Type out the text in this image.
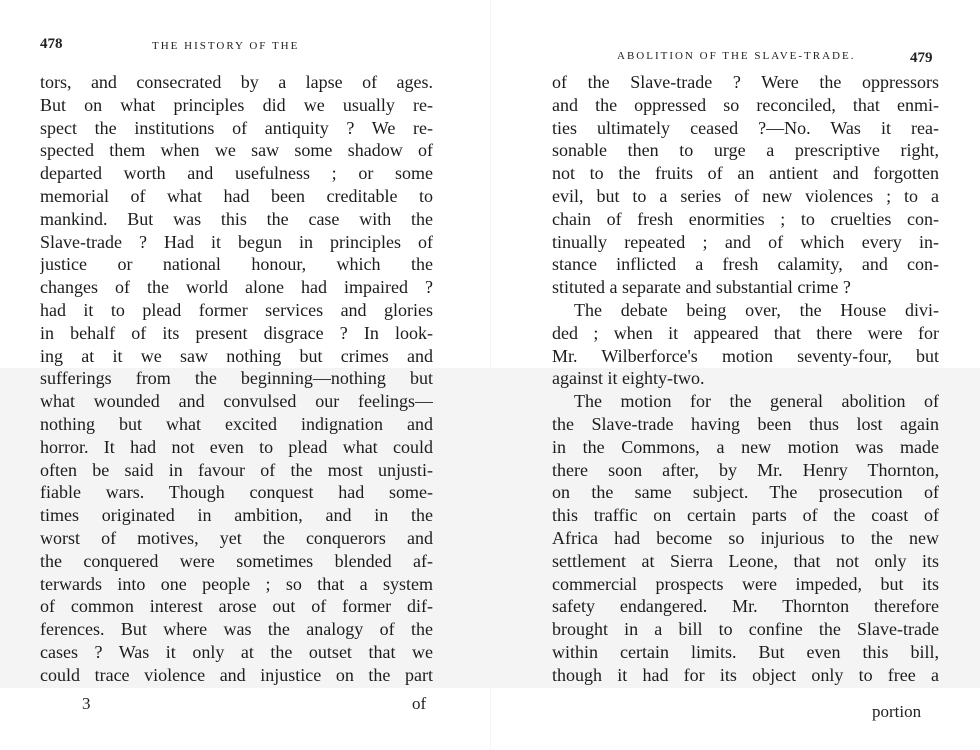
478	THE HISTORY OF THE
tors, and consecrated by a lapse of ages.
But on what principles did we usually re-
spect the institutions of antiquity ? We re-
spected them when we saw some shadow of
departed worth and usefulness ; or some
memorial of what had been creditable to
mankind. But was this the case with the
Slave-trade ? Had it begun in principles of
justice or national honour, which the
changes of the world alone had impaired ?
had it to plead former services and glories
in behalf of its present disgrace ? In look-
ing at it we saw nothing but crimes and
sufferings from the beginning—nothing but
what wounded and convulsed our feelings—
nothing but what excited indignation and
horror. It had not even to plead what could
often be said in favour of the most unjusti-
fiable wars. Though conquest had some-
times originated in ambition, and in the
worst of motives, yet the conquerors and
the conquered were sometimes blended af-
terwards into one people ; so that a system
of common interest arose out of former dif-
ferences. But where was the analogy of the
cases ? Was it only at the outset that we
could trace violence and injustice on the part
3	of
ABOLITION OF THE SLAVE-TRADE.	479
of the Slave-trade ? Were the oppressors
and the oppressed so reconciled, that enmi-
ties ultimately ceased ?—No. Was it rea-
sonable then to urge a prescriptive right,
not to the fruits of an antient and forgotten
evil, but to a series of new violences ; to a
chain of fresh enormities ; to cruelties con-
tinually repeated ; and of which every in-
stance inflicted a fresh calamity, and con-
stituted a separate and substantial crime ?
The debate being over, the House divi-
ded ; when it appeared that there were for
Mr. Wilberforce's motion seventy-four, but
against it eighty-two.
The motion for the general abolition of
the Slave-trade having been thus lost again
in the Commons, a new motion was made
there soon after, by Mr. Henry Thornton,
on the same subject. The prosecution of
this traffic on certain parts of the coast of
Africa had become so injurious to the new
settlement at Sierra Leone, that not only its
commercial prospects were impeded, but its
safety endangered. Mr. Thornton therefore
brought in a bill to confine the Slave-trade
within certain limits. But even this bill,
though it had for its object only to free a
portion
